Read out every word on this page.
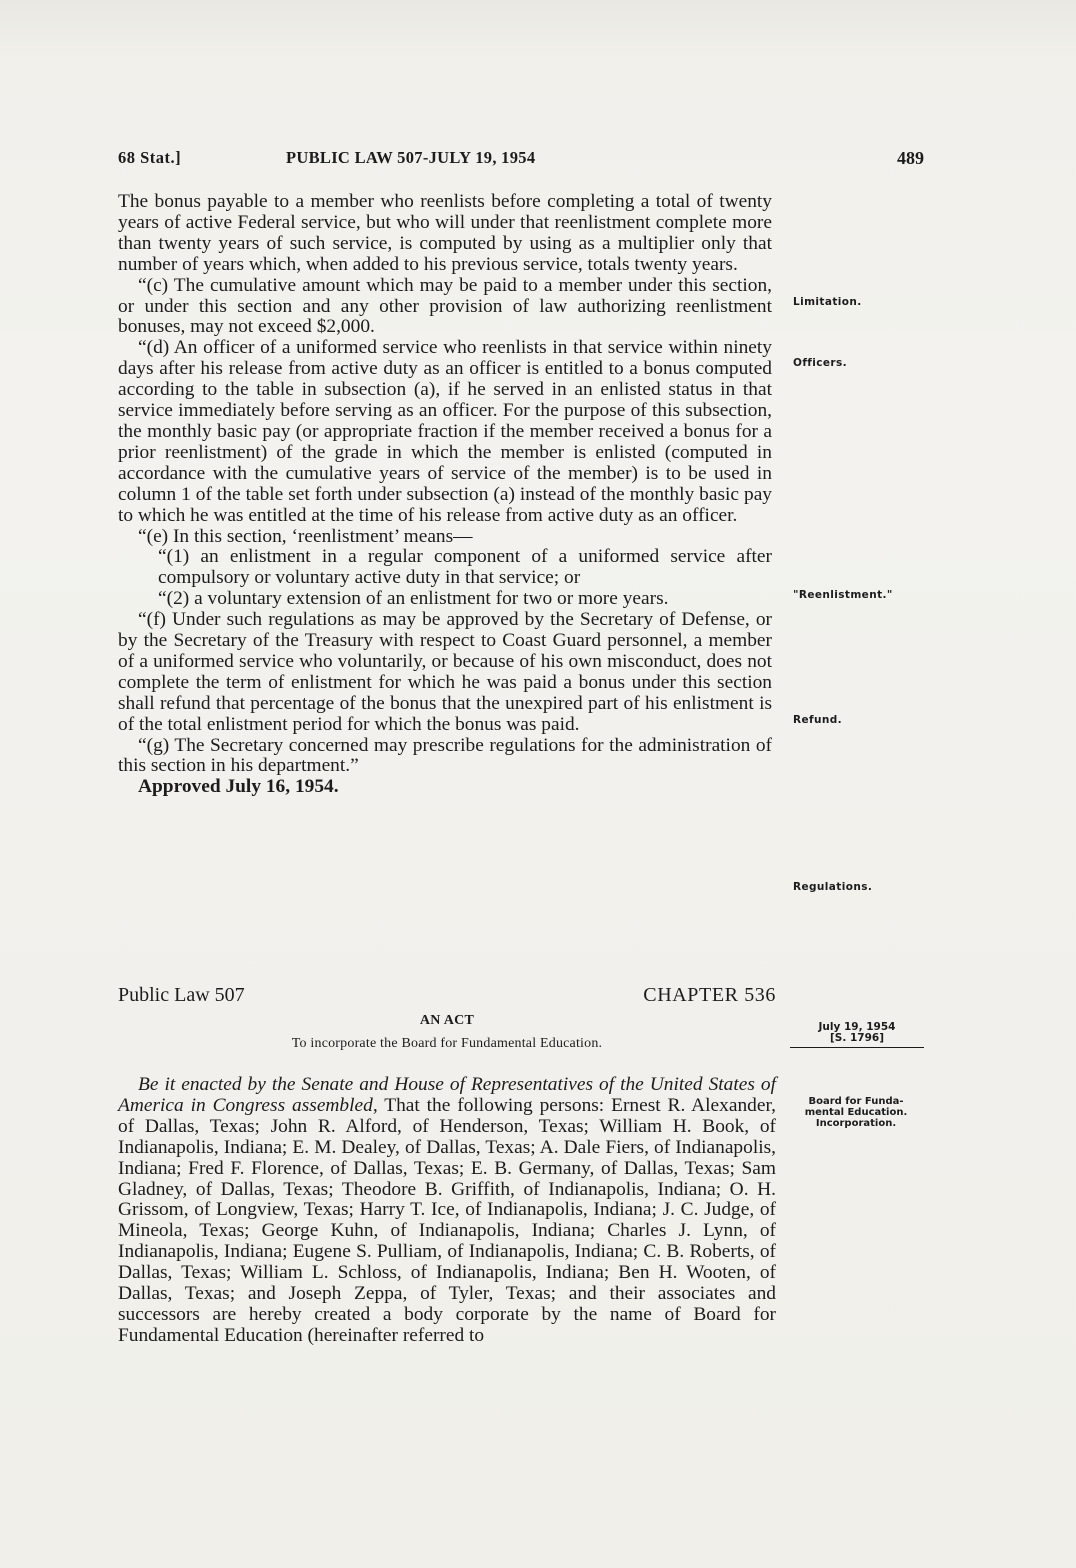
68 Stat.]	PUBLIC LAW 507-JULY 19, 1954	489

The bonus payable to a member who reenlists before completing a total of twenty years of active Federal service, but who will under that reenlistment complete more than twenty years of such service, is computed by using as a multiplier only that number of years which, when added to his previous service, totals twenty years.

“(c) The cumulative amount which may be paid to a member under this section, or under this section and any other provision of law authorizing reenlistment bonuses, may not exceed $2,000.

“(d) An officer of a uniformed service who reenlists in that service within ninety days after his release from active duty as an officer is entitled to a bonus computed according to the table in subsection (a), if he served in an enlisted status in that service immediately before serving as an officer. For the purpose of this subsection, the monthly basic pay (or appropriate fraction if the member received a bonus for a prior reenlistment) of the grade in which the member is enlisted (computed in accordance with the cumulative years of service of the member) is to be used in column 1 of the table set forth under subsection (a) instead of the monthly basic pay to which he was entitled at the time of his release from active duty as an officer.

“(e) In this section, ‘reenlistment’ means—

“(1) an enlistment in a regular component of a uniformed service after compulsory or voluntary active duty in that service; or

“(2) a voluntary extension of an enlistment for two or more years.

“(f) Under such regulations as may be approved by the Secretary of Defense, or by the Secretary of the Treasury with respect to Coast Guard personnel, a member of a uniformed service who voluntarily, or because of his own misconduct, does not complete the term of enlistment for which he was paid a bonus under this section shall refund that percentage of the bonus that the unexpired part of his enlistment is of the total enlistment period for which the bonus was paid.

“(g) The Secretary concerned may prescribe regulations for the administration of this section in his department.”

Approved July 16, 1954.

Limitation.
Officers.
"Reenlistment."
Refund.
Regulations.
Public Law 507	CHAPTER 536
AN ACT
To incorporate the Board for Fundamental Education.
July 19, 1954
[S. 1796]

Be it enacted by the Senate and House of Representatives of the United States of America in Congress assembled, That the following persons: Ernest R. Alexander, of Dallas, Texas; John R. Alford, of Henderson, Texas; William H. Book, of Indianapolis, Indiana; E. M. Dealey, of Dallas, Texas; A. Dale Fiers, of Indianapolis, Indiana; Fred F. Florence, of Dallas, Texas; E. B. Germany, of Dallas, Texas; Sam Gladney, of Dallas, Texas; Theodore B. Griffith, of Indianapolis, Indiana; O. H. Grissom, of Longview, Texas; Harry T. Ice, of Indianapolis, Indiana; J. C. Judge, of Mineola, Texas; George Kuhn, of Indianapolis, Indiana; Charles J. Lynn, of Indianapolis, Indiana; Eugene S. Pulliam, of Indianapolis, Indiana; C. B. Roberts, of Dallas, Texas; William L. Schloss, of Indianapolis, Indiana; Ben H. Wooten, of Dallas, Texas; and Joseph Zeppa, of Tyler, Texas; and their associates and successors are hereby created a body corporate by the name of Board for Fundamental Education (hereinafter referred to

Board for Funda-
mental Education.
Incorporation.
